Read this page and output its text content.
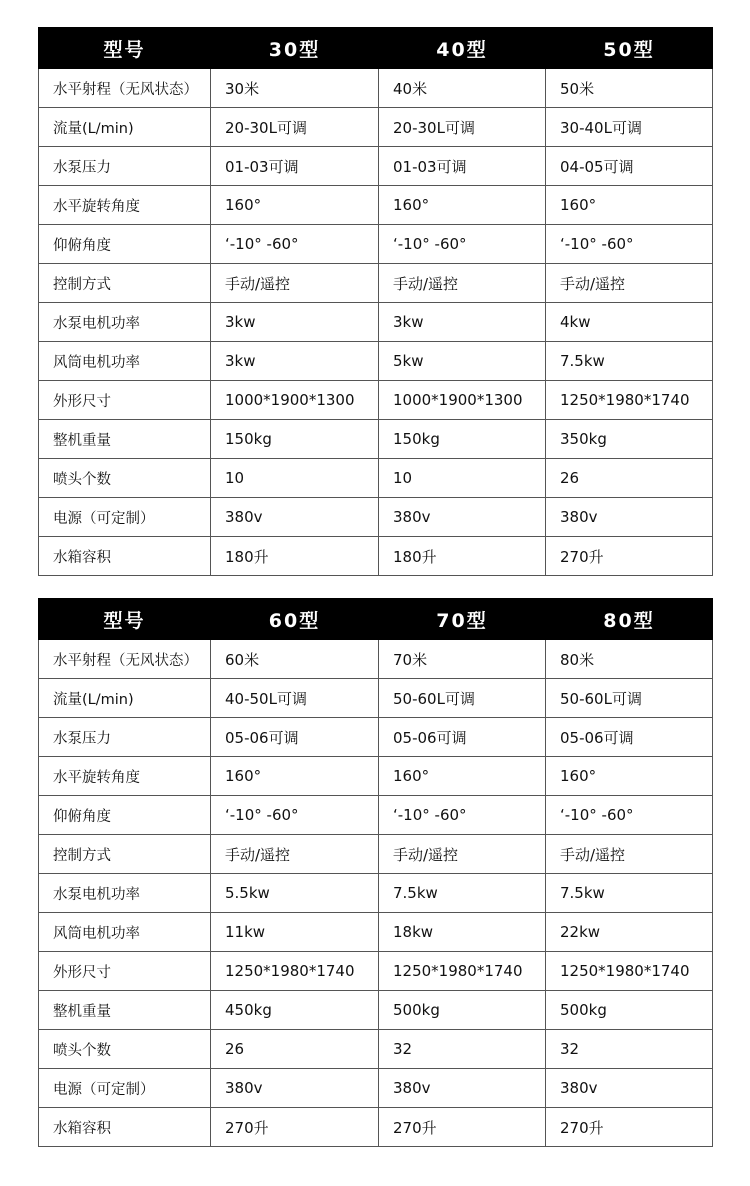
型号	30型	40型	50型
水平射程（无风状态）	30米	40米	50米
流量(L/min)	20-30L可调	20-30L可调	30-40L可调
水泵压力	01-03可调	01-03可调	04-05可调
水平旋转角度	160°	160°	160°
仰俯角度	‘-10° -60°	‘-10° -60°	‘-10° -60°
控制方式	手动/遥控	手动/遥控	手动/遥控
水泵电机功率	3kw	3kw	4kw
风筒电机功率	3kw	5kw	7.5kw
外形尺寸	1000*1900*1300	1000*1900*1300	1250*1980*1740
整机重量	150kg	150kg	350kg
喷头个数	10	10	26
电源（可定制）	380v	380v	380v
水箱容积	180升	180升	270升
型号	60型	70型	80型
水平射程（无风状态）	60米	70米	80米
流量(L/min)	40-50L可调	50-60L可调	50-60L可调
水泵压力	05-06可调	05-06可调	05-06可调
水平旋转角度	160°	160°	160°
仰俯角度	‘-10° -60°	‘-10° -60°	‘-10° -60°
控制方式	手动/遥控	手动/遥控	手动/遥控
水泵电机功率	5.5kw	7.5kw	7.5kw
风筒电机功率	11kw	18kw	22kw
外形尺寸	1250*1980*1740	1250*1980*1740	1250*1980*1740
整机重量	450kg	500kg	500kg
喷头个数	26	32	32
电源（可定制）	380v	380v	380v
水箱容积	270升	270升	270升
